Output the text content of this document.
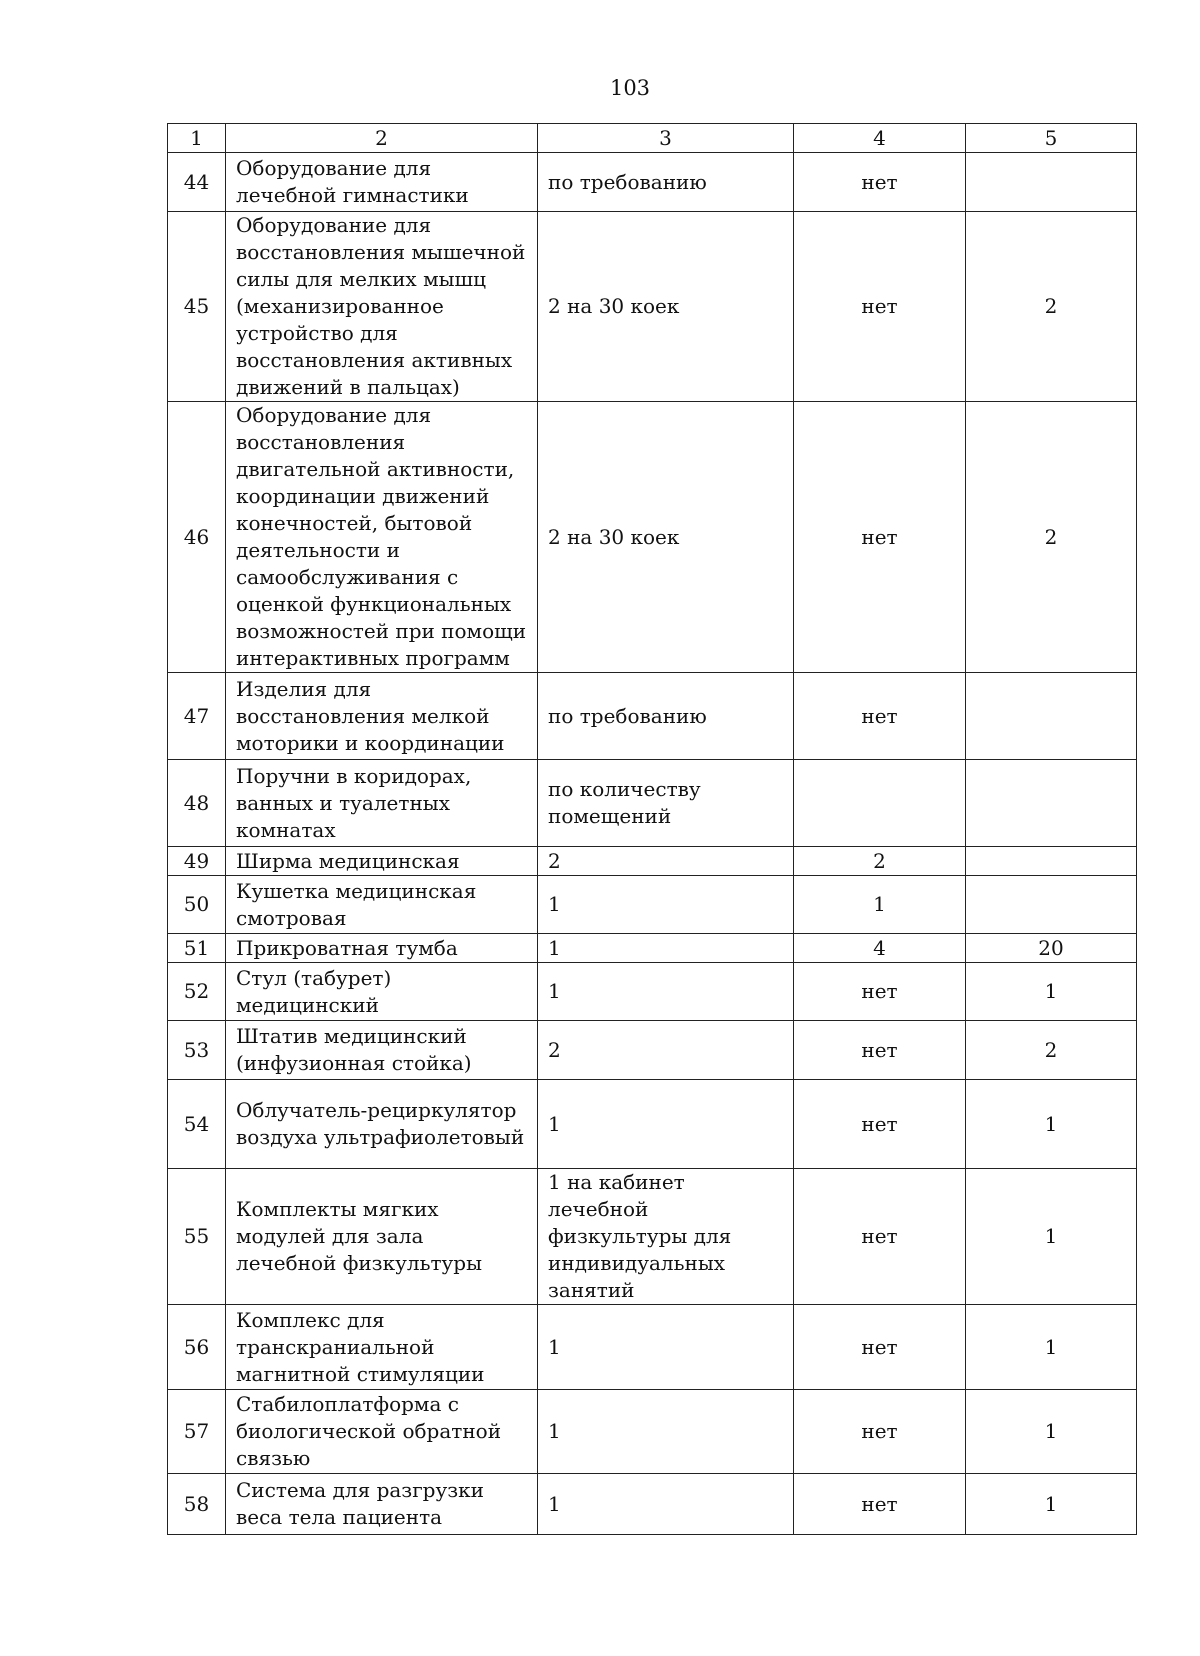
103
1	2	3	4	5
44	Оборудование для лечебной гимнастики	по требованию	нет	
45	Оборудование для восстановления мышечной силы для мелких мышц (механизированное устройство для восстановления активных движений в пальцах)	2 на 30 коек	нет	2
46	Оборудование для восстановления двигательной активности, координации движений конечностей, бытовой деятельности и самообслуживания с оценкой функциональных возможностей при помощи интерактивных программ	2 на 30 коек	нет	2
47	Изделия для восстановления мелкой моторики и координации	по требованию	нет	
48	Поручни в коридорах, ванных и туалетных комнатах	по количеству помещений		
49	Ширма медицинская	2	2	
50	Кушетка медицинская смотровая	1	1	
51	Прикроватная тумба	1	4	20
52	Стул (табурет) медицинский	1	нет	1
53	Штатив медицинский (инфузионная стойка)	2	нет	2
54	Облучатель-рециркулятор воздуха ультрафиолетовый	1	нет	1
55	Комплекты мягких модулей для зала лечебной физкультуры	1 на кабинет лечебной физкультуры для индивидуальных занятий	нет	1
56	Комплекс для транскраниальной магнитной стимуляции	1	нет	1
57	Стабилоплатформа с биологической обратной связью	1	нет	1
58	Система для разгрузки веса тела пациента	1	нет	1
